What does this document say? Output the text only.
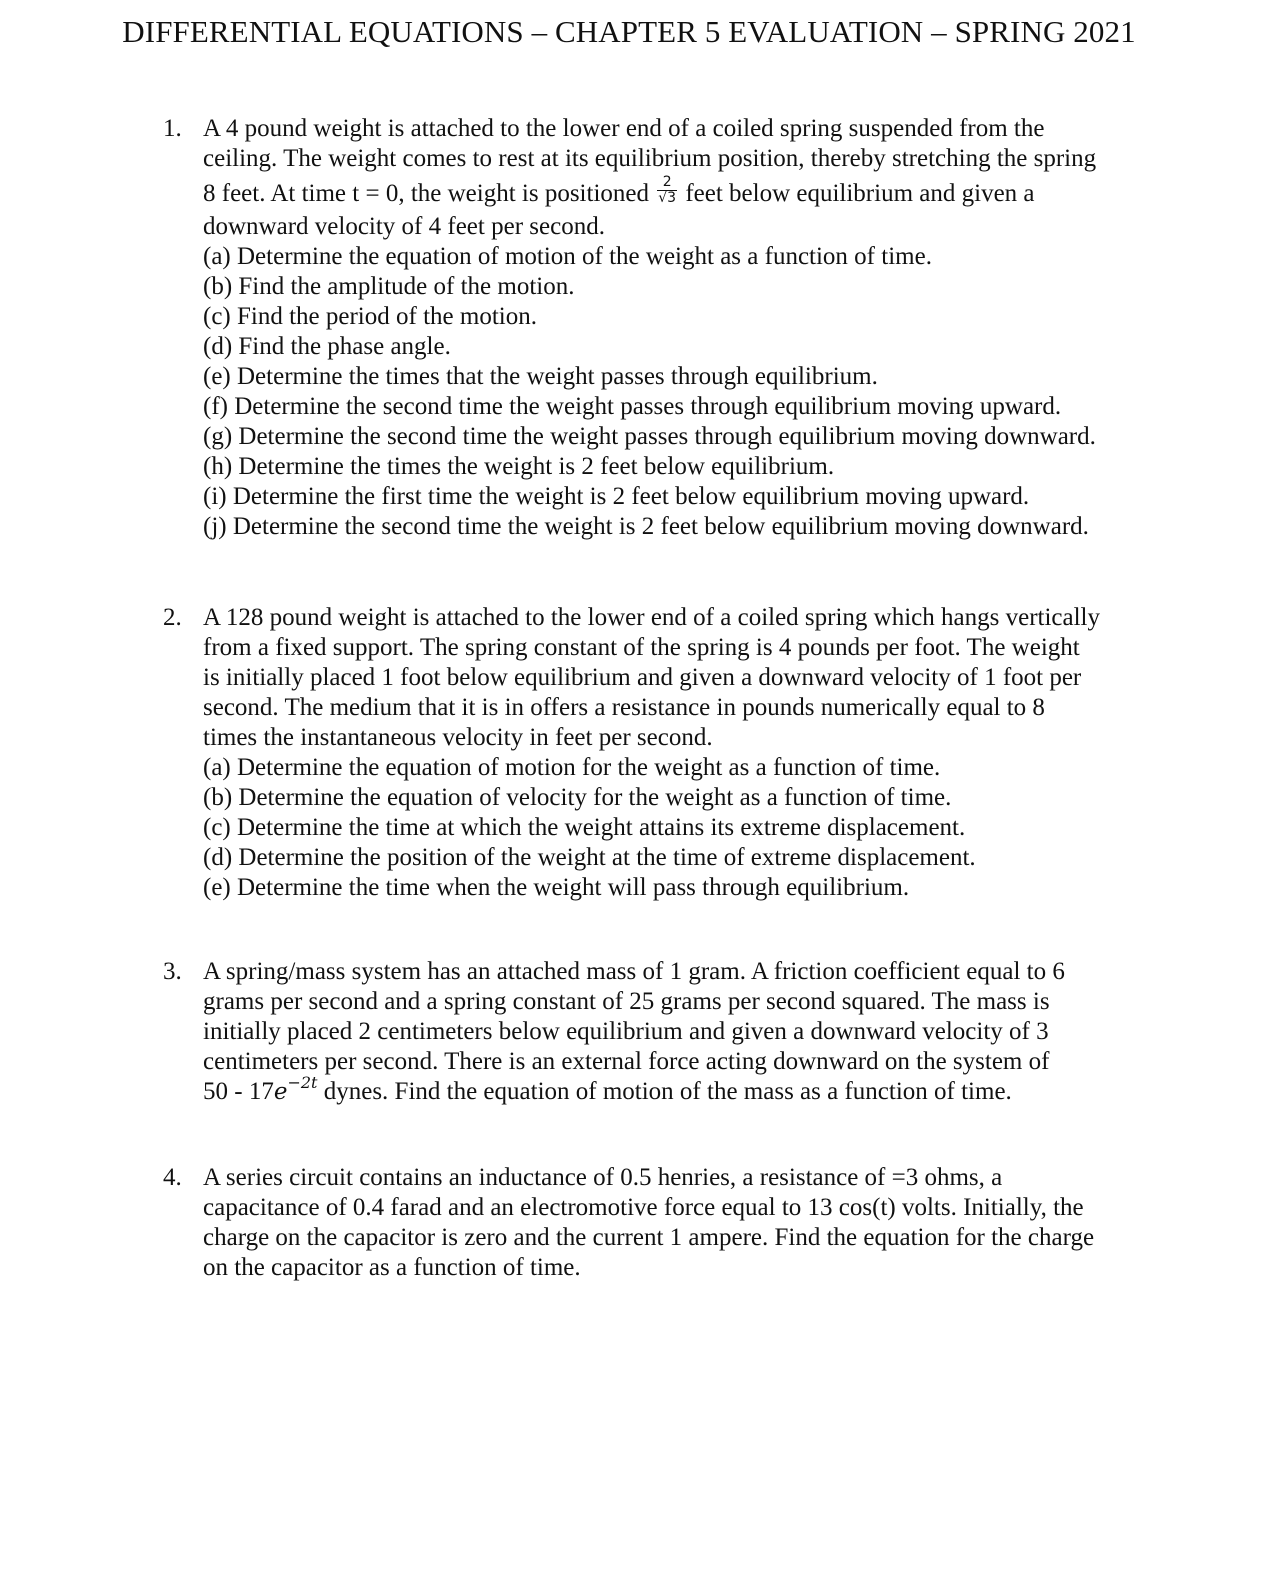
DIFFERENTIAL EQUATIONS – CHAPTER 5 EVALUATION – SPRING 2021
1. A 4 pound weight is attached to the lower end of a coiled spring suspended from the
ceiling. The weight comes to rest at its equilibrium position, thereby stretching the spring
8 feet. At time t = 0, the weight is positioned $\frac{2}{√3}$ feet below equilibrium and given a
downward velocity of 4 feet per second.
(a) Determine the equation of motion of the weight as a function of time.
(b) Find the amplitude of the motion.
(c) Find the period of the motion.
(d) Find the phase angle.
(e) Determine the times that the weight passes through equilibrium.
(f) Determine the second time the weight passes through equilibrium moving upward.
(g) Determine the second time the weight passes through equilibrium moving downward.
(h) Determine the times the weight is 2 feet below equilibrium.
(i) Determine the first time the weight is 2 feet below equilibrium moving upward.
(j) Determine the second time the weight is 2 feet below equilibrium moving downward.
2. A 128 pound weight is attached to the lower end of a coiled spring which hangs vertically
from a fixed support. The spring constant of the spring is 4 pounds per foot. The weight
is initially placed 1 foot below equilibrium and given a downward velocity of 1 foot per
second. The medium that it is in offers a resistance in pounds numerically equal to 8
times the instantaneous velocity in feet per second.
(a) Determine the equation of motion for the weight as a function of time.
(b) Determine the equation of velocity for the weight as a function of time.
(c) Determine the time at which the weight attains its extreme displacement.
(d) Determine the position of the weight at the time of extreme displacement.
(e) Determine the time when the weight will pass through equilibrium.
3. A spring/mass system has an attached mass of 1 gram. A friction coefficient equal to 6
grams per second and a spring constant of 25 grams per second squared. The mass is
initially placed 2 centimeters below equilibrium and given a downward velocity of 3
centimeters per second. There is an external force acting downward on the system of
$50 - 17e^{-2t}$ dynes. Find the equation of motion of the mass as a function of time.
4. A series circuit contains an inductance of 0.5 henries, a resistance of =3 ohms, a
capacitance of 0.4 farad and an electromotive force equal to 13 cos(t) volts. Initially, the
charge on the capacitor is zero and the current 1 ampere. Find the equation for the charge
on the capacitor as a function of time.
